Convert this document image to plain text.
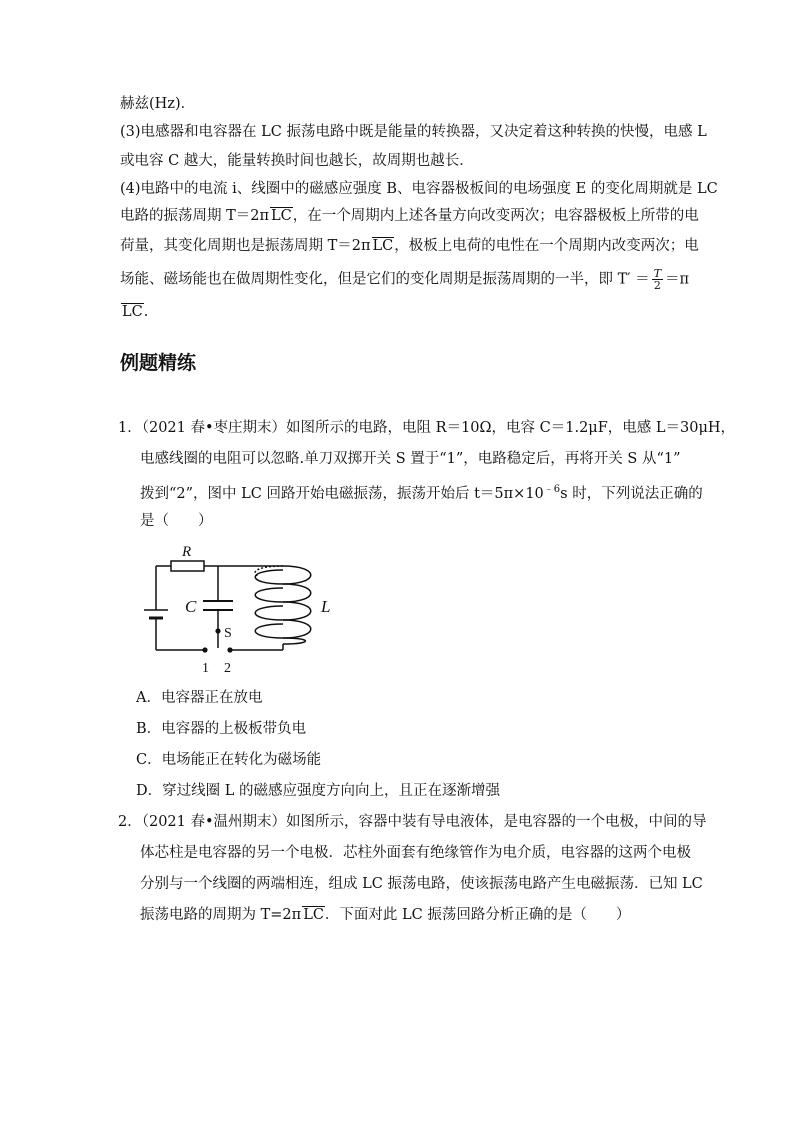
赫兹(Hz)．
(3)电感器和电容器在 LC 振荡电路中既是能量的转换器，又决定着这种转换的快慢，电感 L
或电容 C 越大，能量转换时间也越长，故周期也越长．
(4)电路中的电流 i、线圈中的磁感应强度 B、电容器极板间的电场强度 E 的变化周期就是 LC
电路的振荡周期 T＝2π LC，在一个周期内上述各量方向改变两次；电容器极板上所带的电
荷量，其变化周期也是振荡周期 T＝2π LC，极板上电荷的电性在一个周期内改变两次；电
场能、磁场能也在做周期性变化，但是它们的变化周期是振荡周期的一半，即 $T' = \frac{T}{2} =\pi$
LC.
例题精练
1．（2021 春•枣庄期末）如图所示的电路，电阻 R＝10Ω，电容 C＝1.2μF，电感 L＝30μH，
电感线圈的电阻可以忽略.单刀双掷开关 S 置于“1”，电路稳定后，再将开关 S 从“1”
拨到“2”，图中 LC 回路开始电磁振荡，振荡开始后 $t=5\pi\times 10^{﹣6}s$ 时，下列说法正确的
是（　　）
R
C	L
S
1 2
A．电容器正在放电
B．电容器的上极板带负电
C．电场能正在转化为磁场能
D．穿过线圈 L 的磁感应强度方向向上，且正在逐渐增强
2．（2021 春•温州期末）如图所示，容器中装有导电液体，是电容器的一个电极，中间的导
体芯柱是电容器的另一个电极．芯柱外面套有绝缘管作为电介质，电容器的这两个电极
分别与一个线圈的两端相连，组成 LC 振荡电路，使该振荡电路产生电磁振荡．已知 LC
振荡电路的周期为 T=2π LC．下面对此 LC 振荡回路分析正确的是（　　）
